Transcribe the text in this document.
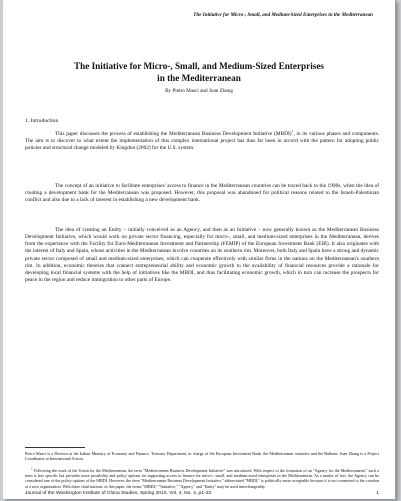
The Initiative for Micro-, Small, and Medium-Sized Enterprises in the Mediterranean
The Initiative for Micro-, Small, and Medium-Sized Enterprises
in the Mediterranean
By Pietro Masci and Juan Zhang
1. Introduction

This paper discusses the process of establishing the Mediterranean Business Development Initiative (MBDI)$^1$, in its various phases and components. The aim is to discover to what extent the implementation of this complex international project has thus far been in accord with the pattern for adopting public policies and structural change modeled by Kingdon (2002) for the U.S. system.

The concept of an initiative to facilitate enterprises' access to finance in the Mediterranean countries can be traced back to the 1990s, when the idea of creating a development bank for the Mediterranean was proposed. However, this proposal was abandoned for political reasons related to the Israeli-Palestinian conflict and also due to a lack of interest in establishing a new development bank.

The idea of creating an Entity – initially conceived as an Agency, and then as an Initiative – now generally known as the Mediterranean Business Development Initiative, which would work on private sector financing, especially for micro-, small, and medium-sized enterprises in the Mediterranean, derives from the experience with the Facility for Euro-Mediterranean Investment and Partnership (FEMIP) of the European Investment Bank (EIB). It also originates with the interest of Italy and Spain, whose activities in the Mediterranean involve countries on its southern rim. Moreover, both Italy and Spain have a strong and dynamic private sector composed of small and medium-sized enterprises, which can cooperate effectively with similar firms in the nations on the Mediterranean's southern rim. In addition, economic theories that connect entrepreneurial ability and economic growth to the availability of financial resources provide a rationale for developing local financial systems with the help of initiatives like the MBDI, and thus facilitating economic growth, which in turn can increase the prospects for peace in the region and reduce immigration to other parts of Europe.

Pietro Masci is a Director at the Italian Ministry of Economy and Finance, Treasury Department, in charge of the European Investment Bank, the Mediterranean countries and the Balkans. Juan Zhang is a Project Coordinator at International Action.

$^1$ Following the work of the Union for the Mediterranean, the term "Mediterranean Business Development Initiative" was introduced. With respect to the formation of an "Agency for the Mediterranean," such a term is less specific but provides more possibility and policy options for supporting access to finance for micro-, small, and medium-sized enterprises in the Mediterranean. As a matter of fact, the Agency can be considered one of the policy options of the MBDI. However, the term "Mediterranean Business Development Initiative," abbreviated "MBDI," is politically more acceptable because it is not connected to the creation of a new organization. With these clarifications, in this paper, the terms "MBDI," "Initiative," "Agency" and "Entity" may be used interchangeably.

Journal of the Washington Institute of China Studies, Spring 2010, Vol. 4, No. 4, p1-23	1
